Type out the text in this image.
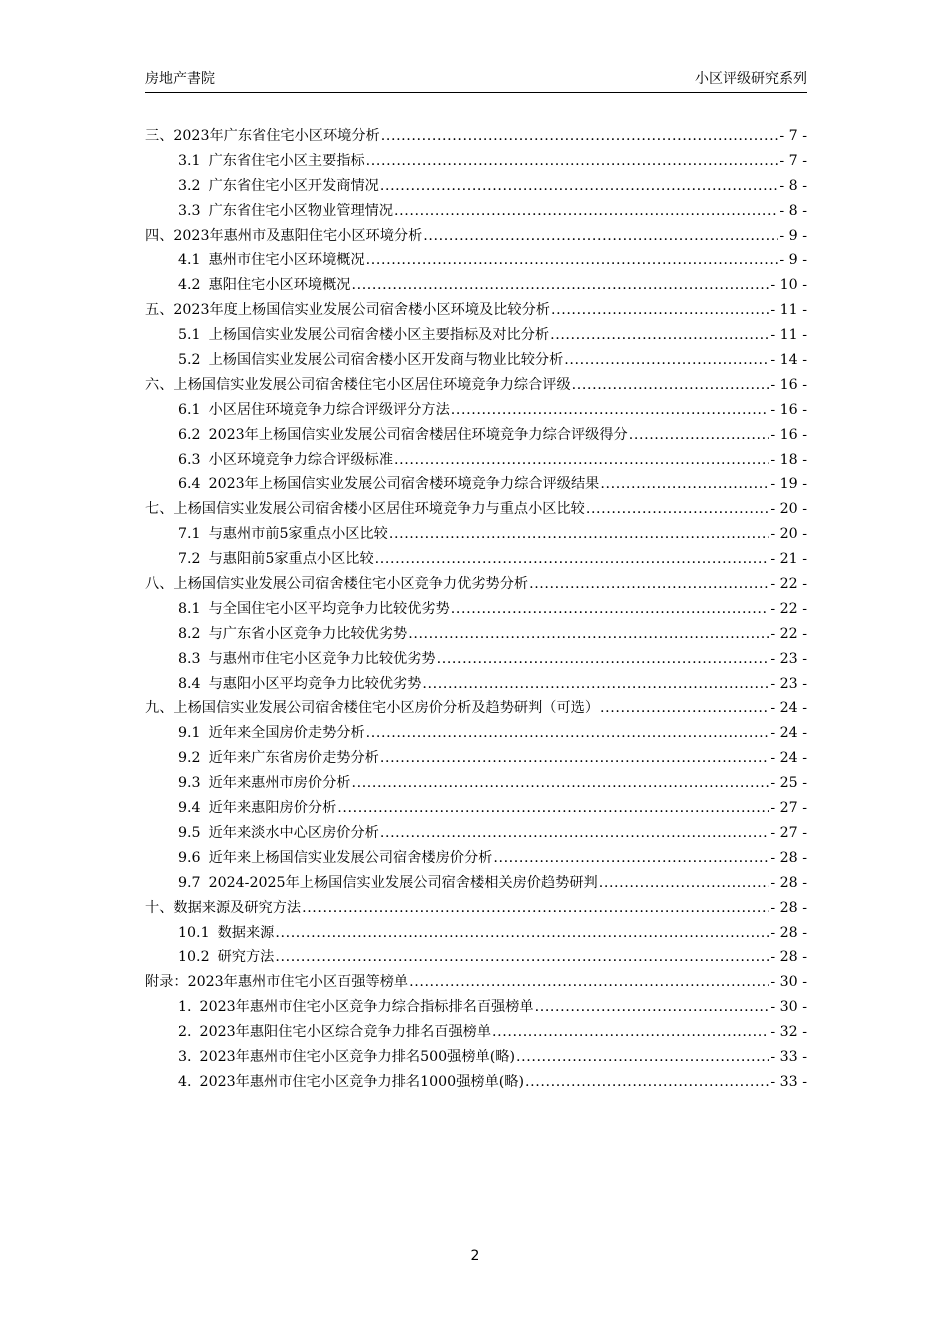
房地产書院	小区评级研究系列
三、2023年广东省住宅小区环境分析 .....	- 7 -
3.1 广东省住宅小区主要指标 .....	- 7 -
3.2 广东省住宅小区开发商情况 .....	- 8 -
3.3 广东省住宅小区物业管理情况 .....	- 8 -
四、2023年惠州市及惠阳住宅小区环境分析 .....	- 9 -
4.1 惠州市住宅小区环境概况 .....	- 9 -
4.2 惠阳住宅小区环境概况 .....	- 10 -
五、2023年度上杨国信实业发展公司宿舍楼小区环境及比较分析 .....	- 11 -
5.1 上杨国信实业发展公司宿舍楼小区主要指标及对比分析 .....	- 11 -
5.2 上杨国信实业发展公司宿舍楼小区开发商与物业比较分析 .....	- 14 -
六、上杨国信实业发展公司宿舍楼住宅小区居住环境竞争力综合评级 .....	- 16 -
6.1 小区居住环境竞争力综合评级评分方法 .....	- 16 -
6.2 2023年上杨国信实业发展公司宿舍楼居住环境竞争力综合评级得分 .....	- 16 -
6.3 小区环境竞争力综合评级标准 .....	- 18 -
6.4 2023年上杨国信实业发展公司宿舍楼环境竞争力综合评级结果 .....	- 19 -
七、上杨国信实业发展公司宿舍楼小区居住环境竞争力与重点小区比较 .....	- 20 -
7.1 与惠州市前5家重点小区比较 .....	- 20 -
7.2 与惠阳前5家重点小区比较 .....	- 21 -
八、上杨国信实业发展公司宿舍楼住宅小区竞争力优劣势分析 .....	- 22 -
8.1 与全国住宅小区平均竞争力比较优劣势 .....	- 22 -
8.2 与广东省小区竞争力比较优劣势 .....	- 22 -
8.3 与惠州市住宅小区竞争力比较优劣势 .....	- 23 -
8.4 与惠阳小区平均竞争力比较优劣势 .....	- 23 -
九、上杨国信实业发展公司宿舍楼住宅小区房价分析及趋势研判（可选） .....	- 24 -
9.1 近年来全国房价走势分析 .....	- 24 -
9.2 近年来广东省房价走势分析 .....	- 24 -
9.3 近年来惠州市房价分析 .....	- 25 -
9.4 近年来惠阳房价分析 .....	- 27 -
9.5 近年来淡水中心区房价分析 .....	- 27 -
9.6 近年来上杨国信实业发展公司宿舍楼房价分析 .....	- 28 -
9.7 2024-2025年上杨国信实业发展公司宿舍楼相关房价趋势研判 .....	- 28 -
十、数据来源及研究方法 .....	- 28 -
10.1 数据来源 .....	- 28 -
10.2 研究方法 .....	- 28 -
附录：2023年惠州市住宅小区百强等榜单 .....	- 30 -
1. 2023年惠州市住宅小区竞争力综合指标排名百强榜单 .....	- 30 -
2. 2023年惠阳住宅小区综合竞争力排名百强榜单 .....	- 32 -
3. 2023年惠州市住宅小区竞争力排名500强榜单(略) .....	- 33 -
4. 2023年惠州市住宅小区竞争力排名1000强榜单(略) .....	- 33 -
2
